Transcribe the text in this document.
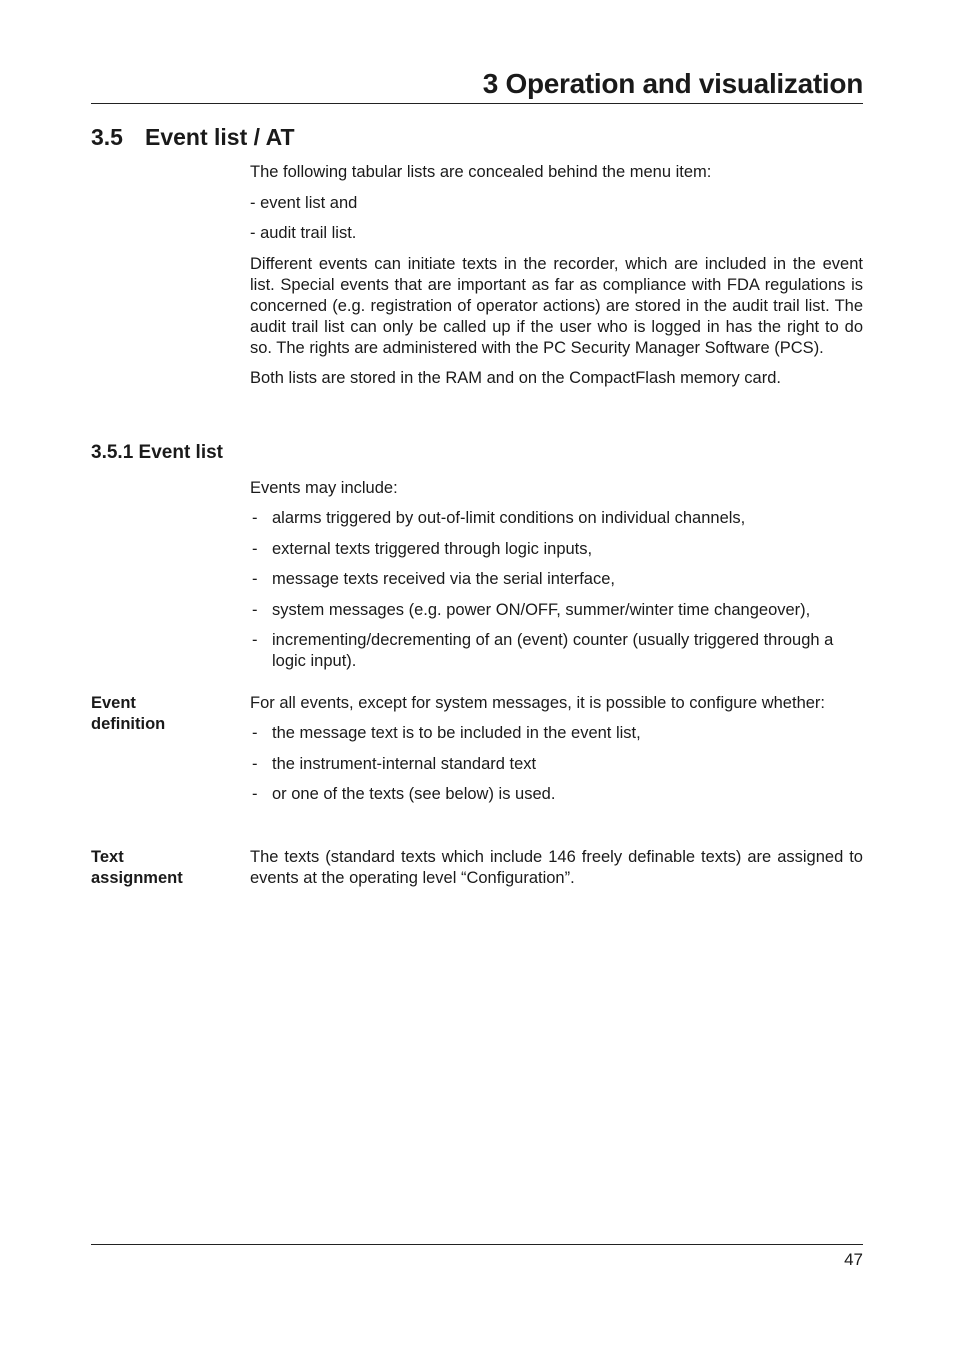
3 Operation and visualization
3.5 Event list / AT

The following tabular lists are concealed behind the menu item:

- event list and

- audit trail list.

Different events can initiate texts in the recorder, which are included in the event list. Special events that are important as far as compliance with FDA regulations is concerned (e.g. registration of operator actions) are stored in the audit trail list. The audit trail list can only be called up if the user who is logged in has the right to do so. The rights are administered with the PC Security Manager Software (PCS).

Both lists are stored in the RAM and on the CompactFlash memory card.

3.5.1 Event list

Events may include:

- alarms triggered by out-of-limit conditions on individual channels,
- external texts triggered through logic inputs,
- message texts received via the serial interface,
- system messages (e.g. power ON/OFF, summer/winter time changeover),
- incrementing/decrementing of an (event) counter (usually triggered through a logic input).
Event
definition

For all events, except for system messages, it is possible to configure whether:

- the message text is to be included in the event list,
- the instrument-internal standard text
- or one of the texts (see below) is used.
Text
assignment

The texts (standard texts which include 146 freely definable texts) are assigned to events at the operating level “Configuration”.

47
